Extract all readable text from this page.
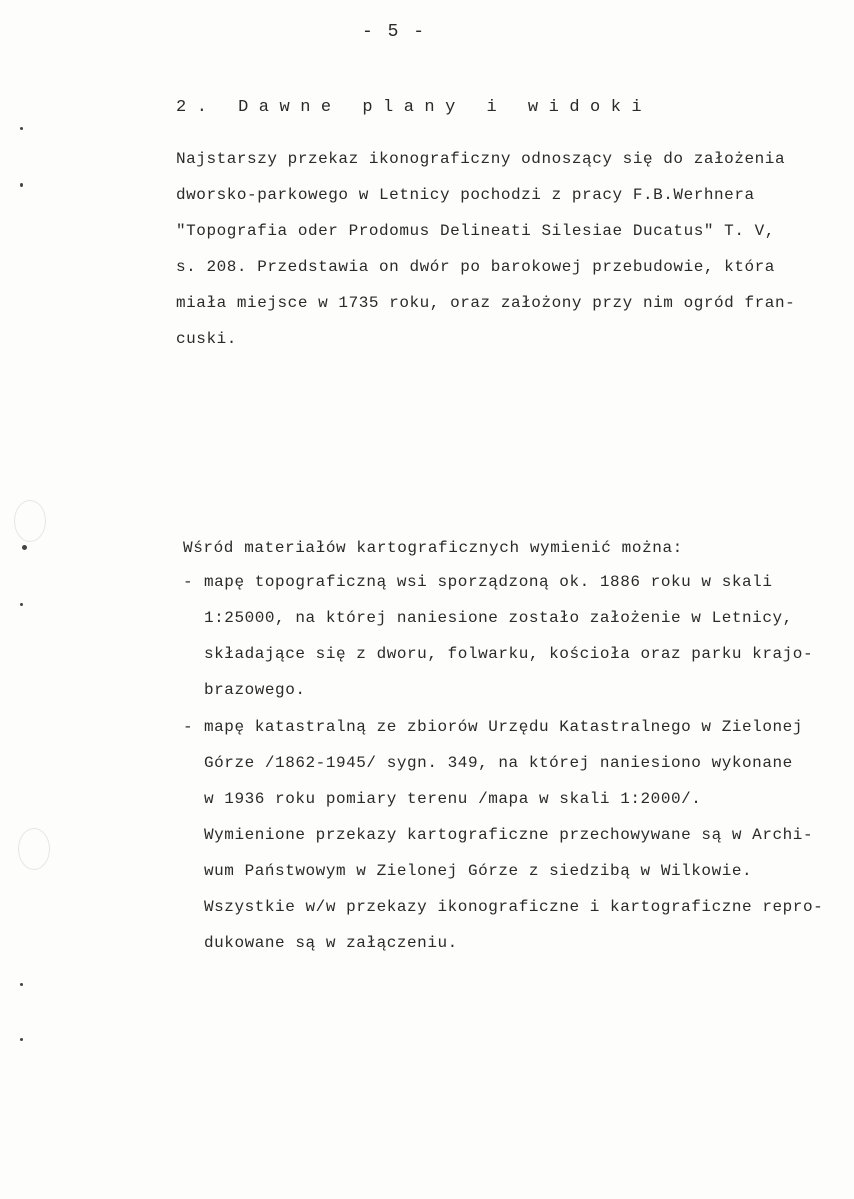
- 5 -
2. Dawne plany i widoki
Najstarszy przekaz ikonograficzny odnoszący się do założenia
dworsko-parkowego w Letnicy pochodzi z pracy F.B.Werhnera
"Topografia oder Prodomus Delineati Silesiae Ducatus" T. V,
s. 208. Przedstawia on dwór po barokowej przebudowie, która
miała miejsce w 1735 roku, oraz założony przy nim ogród fran-
cuski.
Wśród materiałów kartograficznych wymienić można:
- mapę topograficzną wsi sporządzoną ok. 1886 roku w skali
1:25000, na której naniesione zostało założenie w Letnicy,
składające się z dworu, folwarku, kościoła oraz parku krajo-
brazowego.
- mapę katastralną ze zbiorów Urzędu Katastralnego w Zielonej
Górze /1862-1945/ sygn. 349, na której naniesiono wykonane
w 1936 roku pomiary terenu /mapa w skali 1:2000/.
Wymienione przekazy kartograficzne przechowywane są w Archi-
wum Państwowym w Zielonej Górze z siedzibą w Wilkowie.
Wszystkie w/w przekazy ikonograficzne i kartograficzne repro-
dukowane są w załączeniu.
